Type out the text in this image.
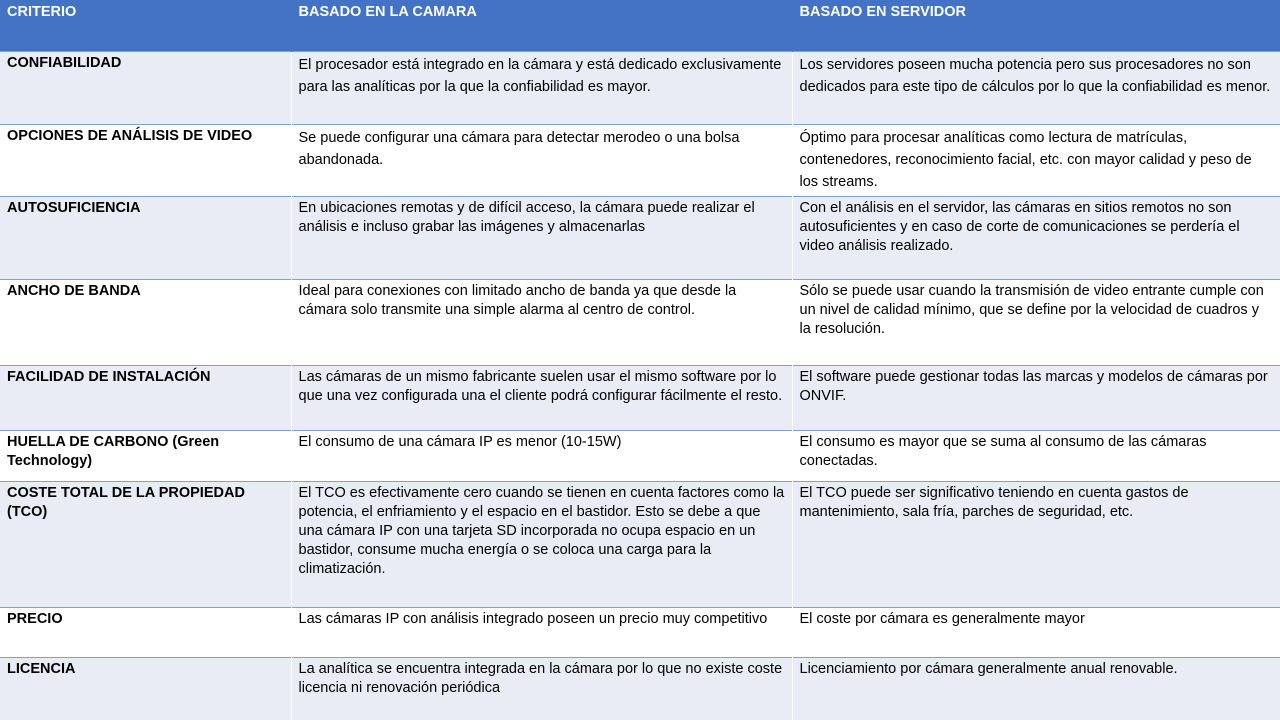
CRITERIO	BASADO EN LA CAMARA	BASADO EN SERVIDOR
CONFIABILIDAD	El procesador está integrado en la cámara y está dedicado exclusivamente para las analíticas por la que la confiabilidad es mayor.	Los servidores poseen mucha potencia pero sus procesadores no son dedicados para este tipo de cálculos por lo que la confiabilidad es menor.
OPCIONES DE ANÁLISIS DE VIDEO	Se puede configurar una cámara para detectar merodeo o una bolsa abandonada.	Óptimo para procesar analíticas como lectura de matrículas, contenedores, reconocimiento facial, etc. con mayor calidad y peso de los streams.
AUTOSUFICIENCIA	En ubicaciones remotas y de difícil acceso, la cámara puede realizar el análisis e incluso grabar las imágenes y almacenarlas	Con el análisis en el servidor, las cámaras en sitios remotos no son autosuficientes y en caso de corte de comunicaciones se perdería el video análisis realizado.
ANCHO DE BANDA	Ideal para conexiones con limitado ancho de banda ya que desde la cámara solo transmite una simple alarma al centro de control.	Sólo se puede usar cuando la transmisión de video entrante cumple con un nivel de calidad mínimo, que se define por la velocidad de cuadros y la resolución.
FACILIDAD DE INSTALACIÓN	Las cámaras de un mismo fabricante suelen usar el mismo software por lo que una vez configurada una el cliente podrá configurar fácilmente el resto.	El software puede gestionar todas las marcas y modelos de cámaras por ONVIF.
HUELLA DE CARBONO (Green Technology)	El consumo de una cámara IP es menor (10-15W)	El consumo es mayor que se suma al consumo de las cámaras conectadas.
COSTE TOTAL DE LA PROPIEDAD (TCO)	El TCO es efectivamente cero cuando se tienen en cuenta factores como la potencia, el enfriamiento y el espacio en el bastidor. Esto se debe a que una cámara IP con una tarjeta SD incorporada no ocupa espacio en un bastidor, consume mucha energía o se coloca una carga para la climatización.	El TCO puede ser significativo teniendo en cuenta gastos de mantenimiento, sala fría, parches de seguridad, etc.
PRECIO	Las cámaras IP con análisis integrado poseen un precio muy competitivo	El coste por cámara es generalmente mayor
LICENCIA	La analítica se encuentra integrada en la cámara por lo que no existe coste licencia ni renovación periódica	Licenciamiento por cámara generalmente anual renovable.
